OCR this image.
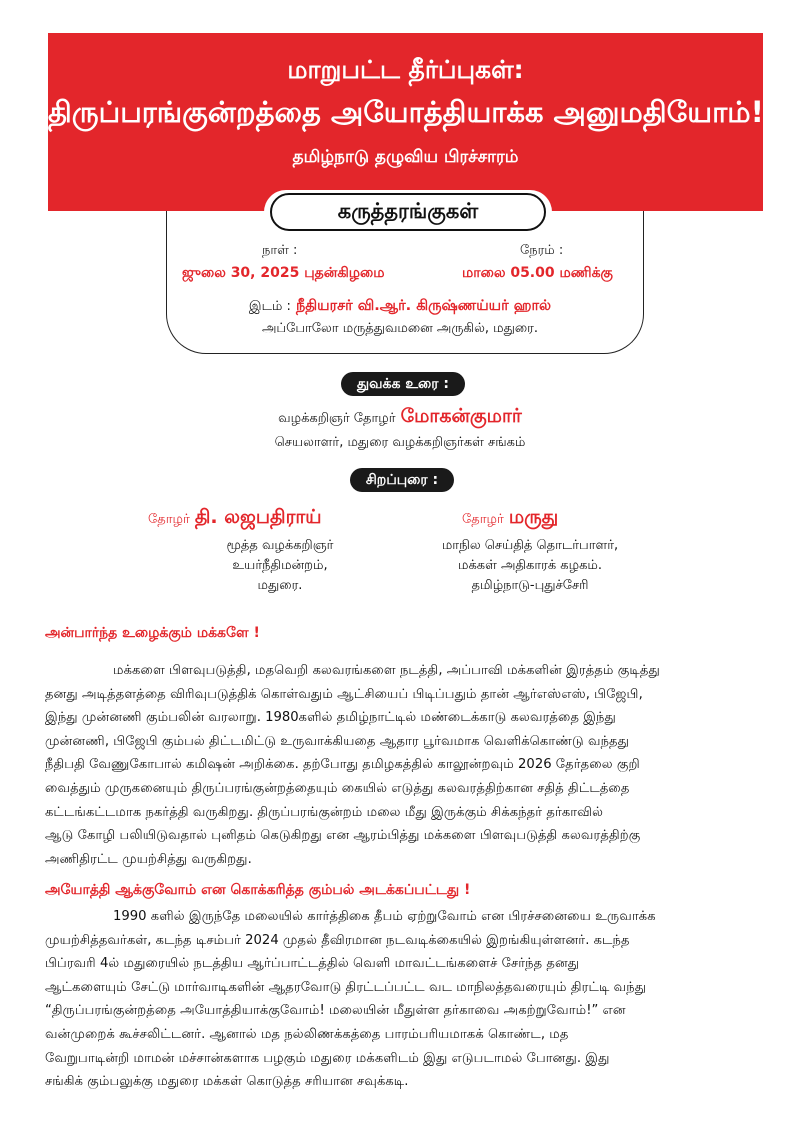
மாறுபட்ட தீர்ப்புகள்:
திருப்பரங்குன்றத்தை அயோத்தியாக்க அனுமதியோம்!
தமிழ்நாடு தழுவிய பிரச்சாரம்
கருத்தரங்குகள்
நாள் :
ஜுலை 30, 2025 புதன்கிழமை
நேரம் :
மாலை 05.00 மணிக்கு
இடம் : நீதியரசர் வி.ஆர். கிருஷ்ணய்யர் ஹால்
அப்போலோ மருத்துவமனை அருகில், மதுரை.
துவக்க உரை :
வழக்கறிஞர் தோழர் மோகன்குமார்
செயலாளர், மதுரை வழக்கறிஞர்கள் சங்கம்
சிறப்புரை :
தோழர் தி. லஜபதிராய்
மூத்த வழக்கறிஞர்
உயர்நீதிமன்றம்,
மதுரை.
தோழர் மருது
மாநில செய்தித் தொடர்பாளர்,
மக்கள் அதிகாரக் கழகம்.
தமிழ்நாடு-புதுச்சேரி
அன்பார்ந்த உழைக்கும் மக்களே !
மக்களை பிளவுபடுத்தி, மதவெறி கலவரங்களை நடத்தி, அப்பாவி மக்களின் இரத்தம் குடித்து
தனது அடித்தளத்தை விரிவுபடுத்திக் கொள்வதும் ஆட்சியைப் பிடிப்பதும் தான் ஆர்எஸ்எஸ், பிஜேபி,
இந்து முன்னணி கும்பலின் வரலாறு. 1980களில் தமிழ்நாட்டில் மண்டைக்காடு கலவரத்தை இந்து
முன்னணி, பிஜேபி கும்பல் திட்டமிட்டு உருவாக்கியதை ஆதார பூர்வமாக வெளிக்கொண்டு வந்தது
நீதிபதி வேணுகோபால் கமிஷன் அறிக்கை. தற்போது தமிழகத்தில் காலூன்றவும் 2026 தேர்தலை குறி
வைத்தும் முருகனையும் திருப்பரங்குன்றத்தையும் கையில் எடுத்து கலவரத்திற்கான சதித் திட்டத்தை
கட்டங்கட்டமாக நகர்த்தி வருகிறது. திருப்பரங்குன்றம் மலை மீது இருக்கும் சிக்கந்தர் தர்காவில்
ஆடு கோழி பலியிடுவதால் புனிதம் கெடுகிறது என ஆரம்பித்து மக்களை பிளவுபடுத்தி கலவரத்திற்கு
அணிதிரட்ட முயற்சித்து வருகிறது.
அயோத்தி ஆக்குவோம் என கொக்கரித்த கும்பல் அடக்கப்பட்டது !
1990 களில் இருந்தே மலையில் கார்த்திகை தீபம் ஏற்றுவோம் என பிரச்சனையை உருவாக்க
முயற்சித்தவர்கள், கடந்த டிசம்பர் 2024 முதல் தீவிரமான நடவடிக்கையில் இறங்கியுள்ளனர். கடந்த
பிப்ரவரி 4ல் மதுரையில் நடத்திய ஆர்ப்பாட்டத்தில் வெளி மாவட்டங்களைச் சேர்ந்த தனது
ஆட்களையும் சேட்டு மார்வாடிகளின் ஆதரவோடு திரட்டப்பட்ட வட மாநிலத்தவரையும் திரட்டி வந்து
“திருப்பரங்குன்றத்தை அயோத்தியாக்குவோம்! மலையின் மீதுள்ள தர்காவை அகற்றுவோம்!” என
வன்முறைக் கூச்சலிட்டனர். ஆனால் மத நல்லிணக்கத்தை பாரம்பரியமாகக் கொண்ட, மத
வேறுபாடின்றி மாமன் மச்சான்களாக பழகும் மதுரை மக்களிடம் இது எடுபடாமல் போனது. இது
சங்கிக் கும்பலுக்கு மதுரை மக்கள் கொடுத்த சரியான சவுக்கடி.
